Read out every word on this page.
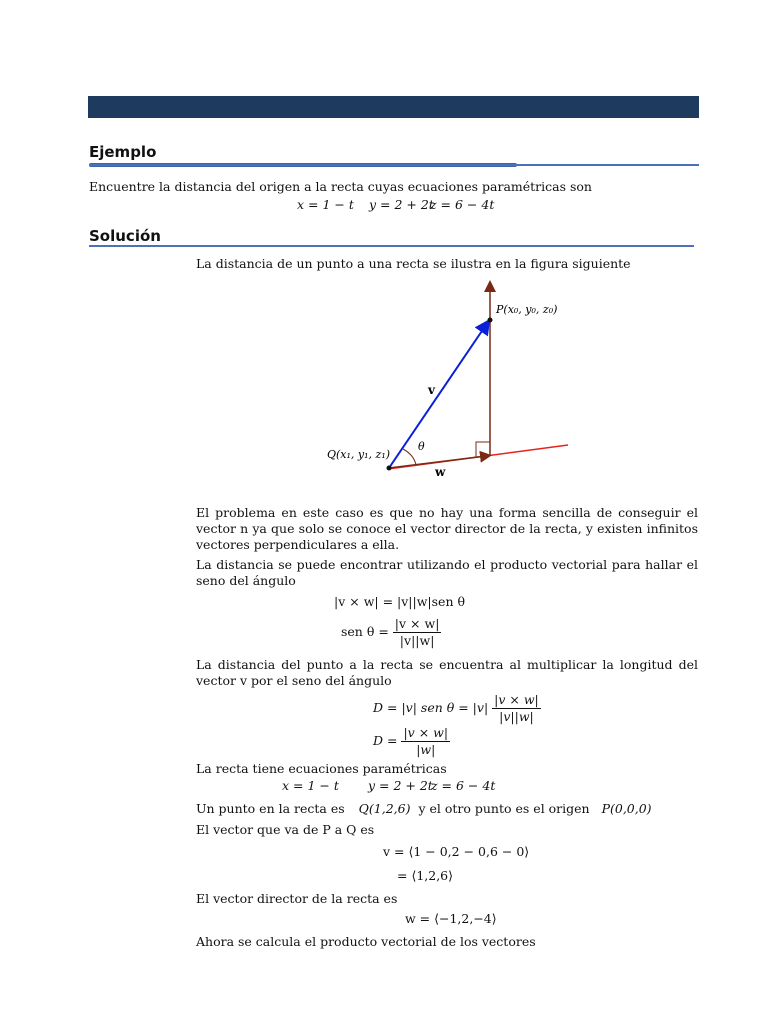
Ejemplo
Encuentre la distancia del origen a la recta cuyas ecuaciones paramétricas son
x = 1 − t y = 2 + 2t
z = 6 − 4t
Solución
La distancia de un punto a una recta se ilustra en la figura siguiente
P(x₀, y₀, z₀)
Q(x₁, y₁, z₁)
v
w
θ
El problema en este caso es que no hay una forma sencilla de conseguir el vector n ya que solo se conoce el vector director de la recta, y existen infinitos vectores perpendiculares a ella.
La distancia se puede encontrar utilizando el producto vectorial para hallar el seno del ángulo
|v × w| = |v||w|sen θ
sen $\theta = \frac{|v \times w|}{|v||w|}$
La distancia del punto a la recta se encuentra al multiplicar la longitud del vector v por el seno del ángulo
D = |v| sen $\theta = |v| \frac{|v \times w|}{|v||w|}$
$D = \frac{|v \times w|}{|w|}$
La recta tiene ecuaciones paramétricas
x = 1 − t y = 2 + 2t
z = 6 − 4t
Un punto en la recta es Q(1,2,6) y el otro punto es el origen P(0,0,0)
El vector que va de P a Q es
v = ⟨1 − 0,2 − 0,6 − 0⟩
= ⟨1,2,6⟩
El vector director de la recta es
w = ⟨−1,2,−4⟩
Ahora se calcula el producto vectorial de los vectores
